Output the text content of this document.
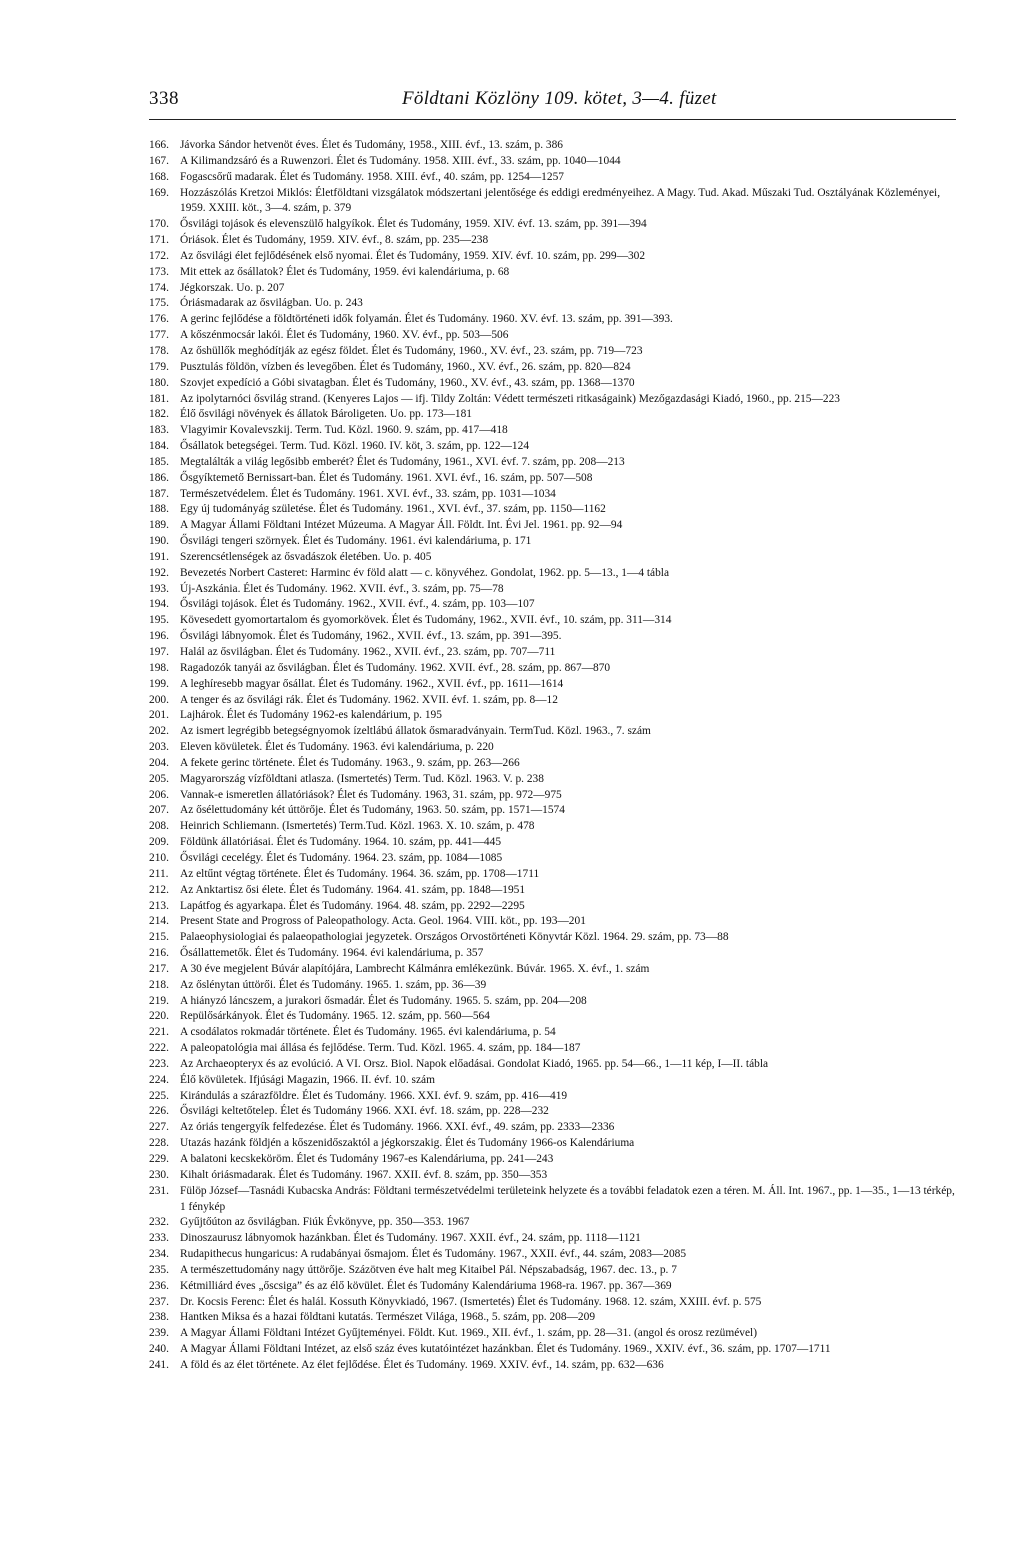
338	Földtani Közlöny 109. kötet, 3—4. füzet
166. Jávorka Sándor hetvenöt éves. Élet és Tudomány, 1958., XIII. évf., 13. szám, p. 386
167. A Kilimandzsáró és a Ruwenzori. Élet és Tudomány. 1958. XIII. évf., 33. szám, pp. 1040—1044
168. Fogascsőrű madarak. Élet és Tudomány. 1958. XIII. évf., 40. szám, pp. 1254—1257
169. Hozzászólás Kretzoi Miklós: Életföldtani vizsgálatok módszertani jelentősége és eddigi eredményeihez. A Magy. Tud. Akad. Műszaki Tud. Osztályának Közleményei, 1959. XXIII. köt., 3—4. szám, p. 379
170. Ősvilági tojások és elevenszülő halgyíkok. Élet és Tudomány, 1959. XIV. évf. 13. szám, pp. 391—394
171. Óriások. Élet és Tudomány, 1959. XIV. évf., 8. szám, pp. 235—238
172. Az ősvilági élet fejlődésének első nyomai. Élet és Tudomány, 1959. XIV. évf. 10. szám, pp. 299—302
173. Mit ettek az ősállatok? Élet és Tudomány, 1959. évi kalendáriuma, p. 68
174. Jégkorszak. Uo. p. 207
175. Óriásmadarak az ősvilágban. Uo. p. 243
176. A gerinc fejlődése a földtörténeti idők folyamán. Élet és Tudomány. 1960. XV. évf. 13. szám, pp. 391—393.
177. A kőszénmocsár lakói. Élet és Tudomány, 1960. XV. évf., pp. 503—506
178. Az őshüllők meghódítják az egész földet. Élet és Tudomány, 1960., XV. évf., 23. szám, pp. 719—723
179. Pusztulás földön, vízben és levegőben. Élet és Tudomány, 1960., XV. évf., 26. szám, pp. 820—824
180. Szovjet expedíció a Góbi sivatagban. Élet és Tudomány, 1960., XV. évf., 43. szám, pp. 1368—1370
181. Az ipolytarnóci ősvilág strand. (Kenyeres Lajos — ifj. Tildy Zoltán: Védett természeti ritkaságaink) Mezőgazdasági Kiadó, 1960., pp. 215—223
182. Élő ősvilági növények és állatok Bároligeten. Uo. pp. 173—181
183. Vlagyimir Kovalevszkij. Term. Tud. Közl. 1960. 9. szám, pp. 417—418
184. Ősállatok betegségei. Term. Tud. Közl. 1960. IV. köt, 3. szám, pp. 122—124
185. Megtalálták a világ legősibb emberét? Élet és Tudomány, 1961., XVI. évf. 7. szám, pp. 208—213
186. Ősgyíktemető Bernissart-ban. Élet és Tudomány. 1961. XVI. évf., 16. szám, pp. 507—508
187. Természetvédelem. Élet és Tudomány. 1961. XVI. évf., 33. szám, pp. 1031—1034
188. Egy új tudományág születése. Élet és Tudomány. 1961., XVI. évf., 37. szám, pp. 1150—1162
189. A Magyar Állami Földtani Intézet Múzeuma. A Magyar Áll. Földt. Int. Évi Jel. 1961. pp. 92—94
190. Ősvilági tengeri szörnyek. Élet és Tudomány. 1961. évi kalendáriuma, p. 171
191. Szerencsétlenségek az ősvadászok életében. Uo. p. 405
192. Bevezetés Norbert Casteret: Harminc év föld alatt — c. könyvéhez. Gondolat, 1962. pp. 5—13., 1—4 tábla
193. Új-Aszkánia. Élet és Tudomány. 1962. XVII. évf., 3. szám, pp. 75—78
194. Ősvilági tojások. Élet és Tudomány. 1962., XVII. évf., 4. szám, pp. 103—107
195. Kövesedett gyomortartalom és gyomorkövek. Élet és Tudomány, 1962., XVII. évf., 10. szám, pp. 311—314
196. Ősvilági lábnyomok. Élet és Tudomány, 1962., XVII. évf., 13. szám, pp. 391—395.
197. Halál az ősvilágban. Élet és Tudomány. 1962., XVII. évf., 23. szám, pp. 707—711
198. Ragadozók tanyái az ősvilágban. Élet és Tudomány. 1962. XVII. évf., 28. szám, pp. 867—870
199. A leghíresebb magyar ősállat. Élet és Tudomány. 1962., XVII. évf., pp. 1611—1614
200. A tenger és az ősvilági rák. Élet és Tudomány. 1962. XVII. évf. 1. szám, pp. 8—12
201. Lajhárok. Élet és Tudomány 1962-es kalendárium, p. 195
202. Az ismert legrégibb betegségnyomok ízeltlábú állatok ősmaradványain. TermTud. Közl. 1963., 7. szám
203. Eleven kövületek. Élet és Tudomány. 1963. évi kalendáriuma, p. 220
204. A fekete gerinc története. Élet és Tudomány. 1963., 9. szám, pp. 263—266
205. Magyarország vízföldtani atlasza. (Ismertetés) Term. Tud. Közl. 1963. V. p. 238
206. Vannak-e ismeretlen állatóriások? Élet és Tudomány. 1963, 31. szám, pp. 972—975
207. Az ősélettudomány két úttörője. Élet és Tudomány, 1963. 50. szám, pp. 1571—1574
208. Heinrich Schliemann. (Ismertetés) Term.Tud. Közl. 1963. X. 10. szám, p. 478
209. Földünk állatóriásai. Élet és Tudomány. 1964. 10. szám, pp. 441—445
210. Ősvilági cecelégy. Élet és Tudomány. 1964. 23. szám, pp. 1084—1085
211.	Az eltűnt végtag története. Élet és Tudomány. 1964. 36. szám, pp. 1708—1711
212. Az Anktartisz ősi élete. Élet és Tudomány. 1964. 41. szám, pp. 1848—1951
213. Lapátfog és agyarkapa. Élet és Tudomány. 1964. 48. szám, pp. 2292—2295
214. Present State and Progross of Paleopathology. Acta. Geol. 1964. VIII. köt., pp. 193—201
215. Palaeophysiologiai és palaeopathologiai jegyzetek. Országos Orvostörténeti Könyvtár Közl. 1964. 29. szám, pp. 73—88
216. Ősállattemetők. Élet és Tudomány. 1964. évi kalendáriuma, p. 357
217. A 30 éve megjelent Búvár alapítójára, Lambrecht Kálmánra emlékezünk. Búvár. 1965. X. évf., 1. szám
218. Az őslénytan úttörői. Élet és Tudomány. 1965. 1. szám, pp. 36—39
219. A hiányzó láncszem, a jurakori ősmadár. Élet és Tudomány. 1965. 5. szám, pp. 204—208
220. Repülősárkányok. Élet és Tudomány. 1965. 12. szám, pp. 560—564
221. A csodálatos rokmadár története. Élet és Tudomány. 1965. évi kalendáriuma, p. 54
222. A paleopatológia mai állása és fejlődése. Term. Tud. Közl. 1965. 4. szám, pp. 184—187
223. Az Archaeopteryx és az evolúció. A VI. Orsz. Biol. Napok előadásai. Gondolat Kiadó, 1965. pp. 54—66., 1—11 kép, I—II. tábla
224. Élő kövületek. Ifjúsági Magazin, 1966. II. évf. 10. szám
225. Kirándulás a szárazföldre. Élet és Tudomány. 1966. XXI. évf. 9. szám, pp. 416—419
226. Ősvilági keltetőtelep. Élet és Tudomány 1966. XXI. évf. 18. szám, pp. 228—232
227. Az óriás tengergyík felfedezése. Élet és Tudomány. 1966. XXI. évf., 49. szám, pp. 2333—2336
228. Utazás hazánk földjén a kőszenidőszaktól a jégkorszakig. Élet és Tudomány 1966-os Kalendáriuma
229. A balatoni kecskeköröm. Élet és Tudomány 1967-es Kalendáriuma, pp. 241—243
230. Kihalt óriásmadarak. Élet és Tudomány. 1967. XXII. évf. 8. szám, pp. 350—353
231. Fülöp József—Tasnádi Kubacska András: Földtani természetvédelmi területeink helyzete és a további feladatok ezen a téren. M. Áll. Int. 1967., pp. 1—35., 1—13 térkép, 1 fénykép
232. Gyűjtőúton az ősvilágban. Fiúk Évkönyve, pp. 350—353. 1967
233. Dinoszaurusz lábnyomok hazánkban. Élet és Tudomány. 1967. XXII. évf., 24. szám, pp. 1118—1121
234. Rudapithecus hungaricus: A rudabányai ősmajom. Élet és Tudomány. 1967., XXII. évf., 44. szám, 2083—2085
235. A természettudomány nagy úttörője. Százötven éve halt meg Kitaibel Pál. Népszabadság, 1967. dec. 13., p. 7
236. Kétmilliárd éves „őscsiga” és az élő kövület. Élet és Tudomány Kalendáriuma 1968-ra. 1967. pp. 367—369
237. Dr. Kocsis Ferenc: Élet és halál. Kossuth Könyvkiadó, 1967. (Ismertetés) Élet és Tudomány. 1968. 12. szám, XXIII. évf. p. 575
238. Hantken Miksa és a hazai földtani kutatás. Természet Világa, 1968., 5. szám, pp. 208—209
239. A Magyar Állami Földtani Intézet Gyűjteményei. Földt. Kut. 1969., XII. évf., 1. szám, pp. 28—31. (angol és orosz rezümével)
240. A Magyar Állami Földtani Intézet, az első száz éves kutatóintézet hazánkban. Élet és Tudomány. 1969., XXIV. évf., 36. szám, pp. 1707—1711
241. A föld és az élet története. Az élet fejlődése. Élet és Tudomány. 1969. XXIV. évf., 14. szám, pp. 632—636
